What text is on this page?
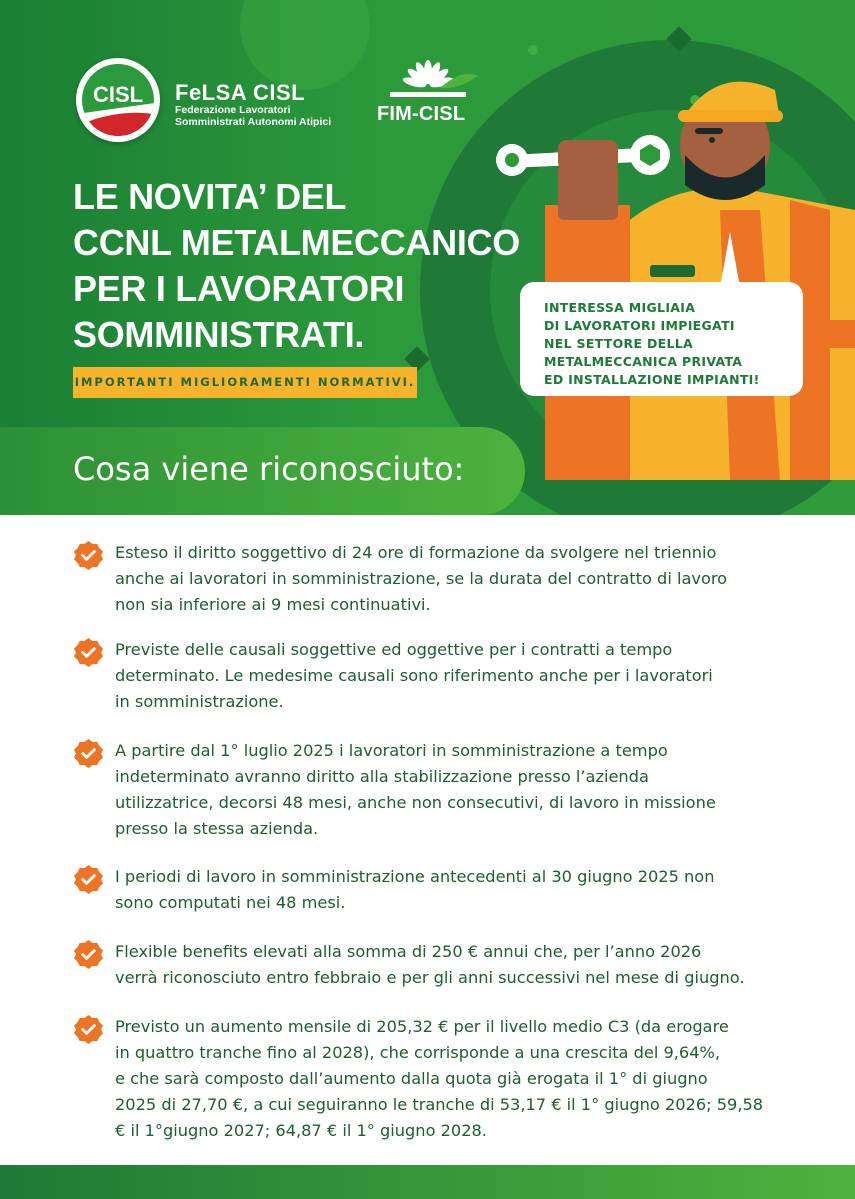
CISL	FeLSA CISL
Federazione Lavoratori
Somministrati Autonomi Atipici FIM-CISL
LE NOVITA’ DEL
CCNL METALMECCANICO
PER I LAVORATORI
SOMMINISTRATI.
IMPORTANTI MIGLIORAMENTI NORMATIVI.
INTERESSA MIGLIAIA
DI LAVORATORI IMPIEGATI
NEL SETTORE DELLA
METALMECCANICA PRIVATA
ED INSTALLAZIONE IMPIANTI!
Cosa viene riconosciuto:
Esteso il diritto soggettivo di 24 ore di formazione da svolgere nel triennio
anche ai lavoratori in somministrazione, se la durata del contratto di lavoro
non sia inferiore ai 9 mesi continuativi.
Previste delle causali soggettive ed oggettive per i contratti a tempo
determinato. Le medesime causali sono riferimento anche per i lavoratori
in somministrazione.
A partire dal 1° luglio 2025 i lavoratori in somministrazione a tempo
indeterminato avranno diritto alla stabilizzazione presso l’azienda
utilizzatrice, decorsi 48 mesi, anche non consecutivi, di lavoro in missione
presso la stessa azienda.
I periodi di lavoro in somministrazione antecedenti al 30 giugno 2025 non
sono computati nei 48 mesi.
Flexible benefits elevati alla somma di 250 € annui che, per l’anno 2026
verrà riconosciuto entro febbraio e per gli anni successivi nel mese di giugno.
Previsto un aumento mensile di 205,32 € per il livello medio C3 (da erogare
in quattro tranche fino al 2028), che corrisponde a una crescita del 9,64%,
e che sarà composto dall’aumento dalla quota già erogata il 1° di giugno
2025 di 27,70 €, a cui seguiranno le tranche di 53,17 € il 1° giugno 2026; 59,58
€ il 1°giugno 2027; 64,87 € il 1° giugno 2028.
